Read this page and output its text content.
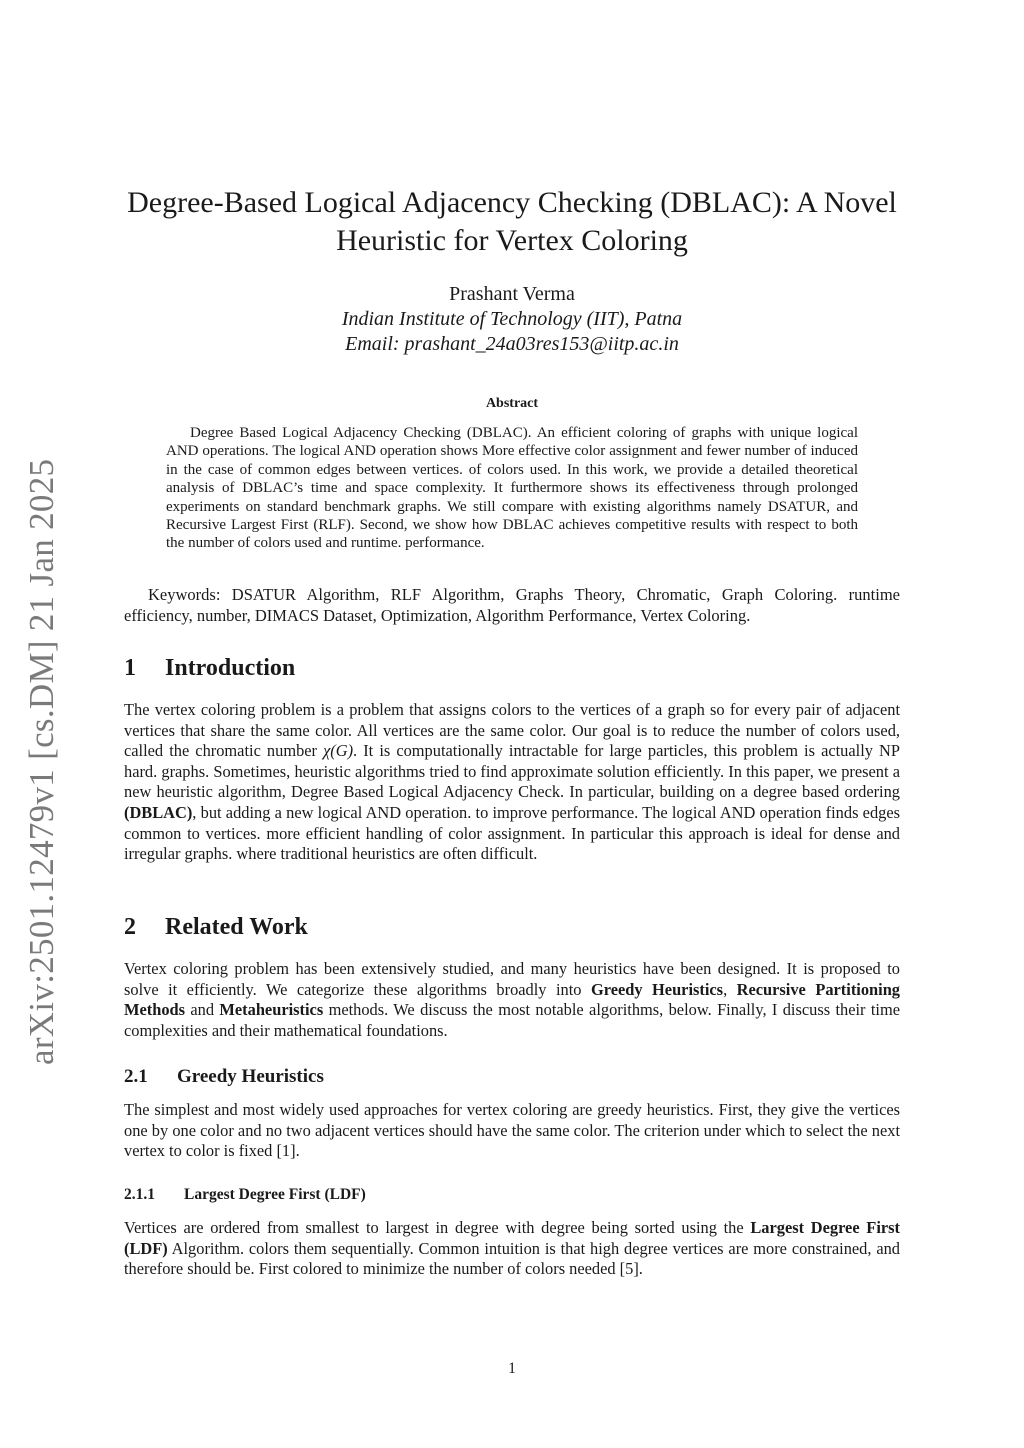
arXiv:2501.12479v1 [cs.DM] 21 Jan 2025
Degree-Based Logical Adjacency Checking (DBLAC): A Novel
Heuristic for Vertex Coloring
Prashant Verma
Indian Institute of Technology (IIT), Patna
Email: prashant_24a03res153@iitp.ac.in
Abstract

Degree Based Logical Adjacency Checking (DBLAC). An efficient coloring of graphs with unique logical AND operations. The logical AND operation shows More effective color assignment and fewer number of induced in the case of common edges between vertices. of colors used. In this work, we provide a detailed theoretical analysis of DBLAC’s time and space complexity. It furthermore shows its effectiveness through prolonged experiments on standard benchmark graphs. We still compare with existing algorithms namely DSATUR, and Recursive Largest First (RLF). Second, we show how DBLAC achieves competitive results with respect to both the number of colors used and runtime. performance.

Keywords: DSATUR Algorithm, RLF Algorithm, Graphs Theory, Chromatic, Graph Coloring. runtime efficiency, number, DIMACS Dataset, Optimization, Algorithm Performance, Vertex Coloring.

1 Introduction

The vertex coloring problem is a problem that assigns colors to the vertices of a graph so for every pair of adjacent vertices that share the same color. All vertices are the same color. Our goal is to reduce the number of colors used, called the chromatic number χ(G). It is computationally intractable for large particles, this problem is actually NP hard. graphs. Sometimes, heuristic algorithms tried to find approximate solution efficiently. In this paper, we present a new heuristic algorithm, Degree Based Logical Adjacency Check. In particular, building on a degree based ordering (DBLAC), but adding a new logical AND operation. to improve performance. The logical AND operation finds edges common to vertices. more efficient handling of color assignment. In particular this approach is ideal for dense and irregular graphs. where traditional heuristics are often difficult.

2 Related Work

Vertex coloring problem has been extensively studied, and many heuristics have been designed. It is proposed to solve it efficiently. We categorize these algorithms broadly into Greedy Heuristics, Recursive Partitioning Methods and Metaheuristics methods. We discuss the most notable algorithms, below. Finally, I discuss their time complexities and their mathematical foundations.

2.1 Greedy Heuristics

The simplest and most widely used approaches for vertex coloring are greedy heuristics. First, they give the vertices one by one color and no two adjacent vertices should have the same color. The criterion under which to select the next vertex to color is fixed [1].

2.1.1 Largest Degree First (LDF)

Vertices are ordered from smallest to largest in degree with degree being sorted using the Largest Degree First (LDF) Algorithm. colors them sequentially. Common intuition is that high degree vertices are more constrained, and therefore should be. First colored to minimize the number of colors needed [5].

1
